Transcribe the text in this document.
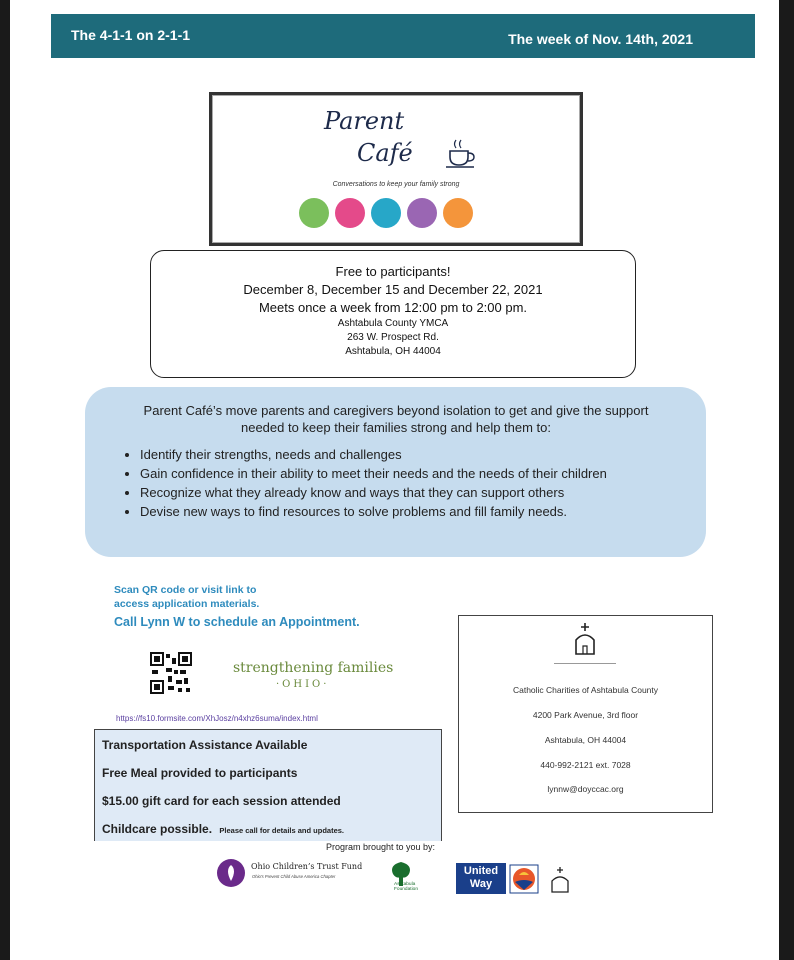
The 4-1-1 on 2-1-1	The week of Nov. 14th, 2021
Parent
Café
Conversations to keep your family strong
Free to participants!
December 8, December 15 and December 22, 2021
Meets once a week from 12:00 pm to 2:00 pm.
Ashtabula County YMCA
263 W. Prospect Rd.
Ashtabula, OH 44004
Parent Café’s move parents and caregivers beyond isolation to get and give the support needed to keep their families strong and help them to:
• Identify their strengths, needs and challenges
• Gain confidence in their ability to meet their needs and the needs of their children
• Recognize what they already know and ways that they can support others
• Devise new ways to find resources to solve problems and fill family needs.
Scan QR code or visit link to
access application materials.
Call Lynn W to schedule an Appointment.
strengthening families
·OHIO·
https://fs10.formsite.com/XhJosz/n4xhz6suma/index.html
Catholic Charities of Ashtabula County
4200 Park Avenue, 3rd floor
Ashtabula, OH 44004
440-992-2121 ext. 7028
lynnw@doyccac.org
Transportation Assistance Available
Free Meal provided to participants
$15.00 gift card for each session attended
Childcare possible. Please call for details and updates.
Program brought to you by:
Ohio Children’s Trust Fund
Ohio's Prevent Child Abuse America Chapter
Ashtabula Foundation
United
Way
